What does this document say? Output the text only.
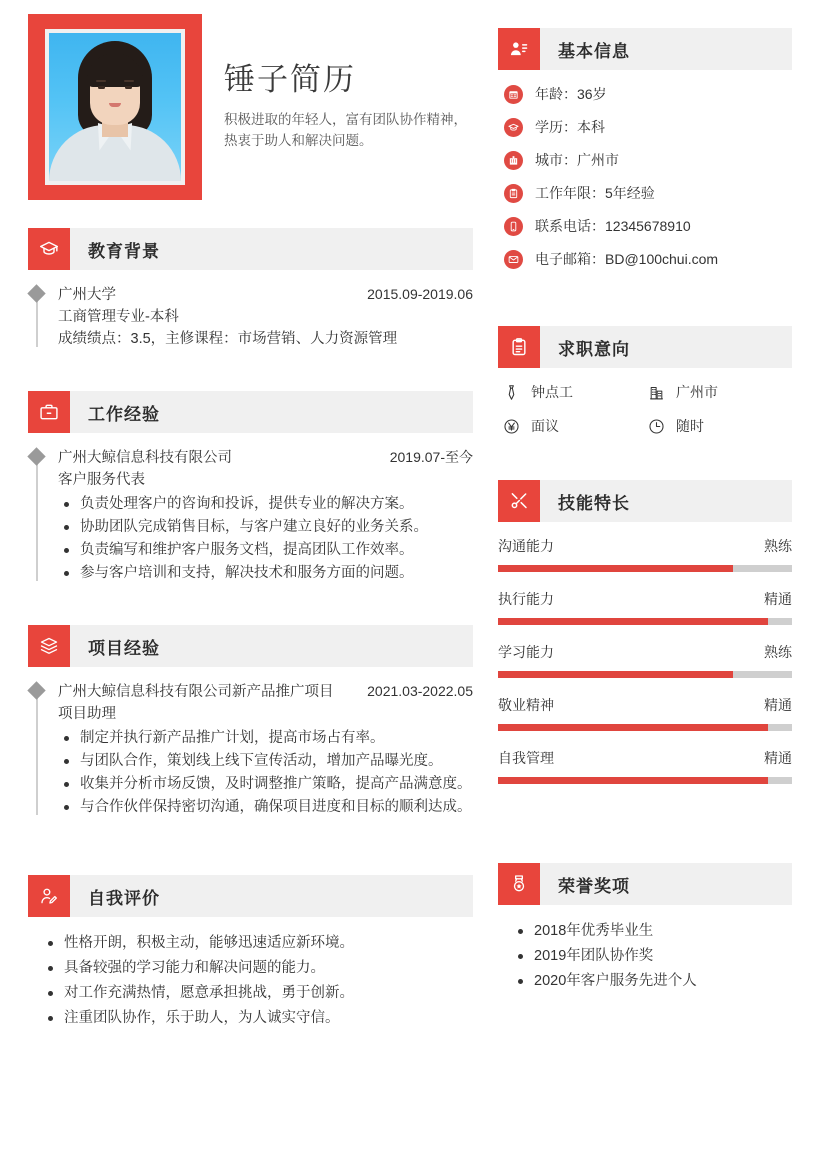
锤子简历
积极进取的年轻人，富有团队协作精神，热衷于助人和解决问题。
教育背景
广州大学	2015.09-2019.06
工商管理专业-本科
成绩绩点：3.5，主修课程：市场营销、人力资源管理
工作经验
广州大鲸信息科技有限公司	2019.07-至今
客户服务代表
负责处理客户的咨询和投诉，提供专业的解决方案。
协助团队完成销售目标，与客户建立良好的业务关系。
负责编写和维护客户服务文档，提高团队工作效率。
参与客户培训和支持，解决技术和服务方面的问题。
项目经验
广州大鲸信息科技有限公司新产品推广项目	2021.03-2022.05
项目助理
制定并执行新产品推广计划，提高市场占有率。
与团队合作，策划线上线下宣传活动，增加产品曝光度。
收集并分析市场反馈，及时调整推广策略，提高产品满意度。
与合作伙伴保持密切沟通，确保项目进度和目标的顺利达成。
自我评价
性格开朗，积极主动，能够迅速适应新环境。
具备较强的学习能力和解决问题的能力。
对工作充满热情，愿意承担挑战，勇于创新。
注重团队协作，乐于助人，为人诚实守信。
基本信息
年龄：36岁
学历：本科
城市：广州市
工作年限：5年经验
联系电话：12345678910
电子邮箱：BD@100chui.com
求职意向
钟点工	广州市
面议	随时
技能特长
沟通能力	熟练
执行能力	精通
学习能力	熟练
敬业精神	精通
自我管理	精通
荣誉奖项
2018年优秀毕业生
2019年团队协作奖
2020年客户服务先进个人
